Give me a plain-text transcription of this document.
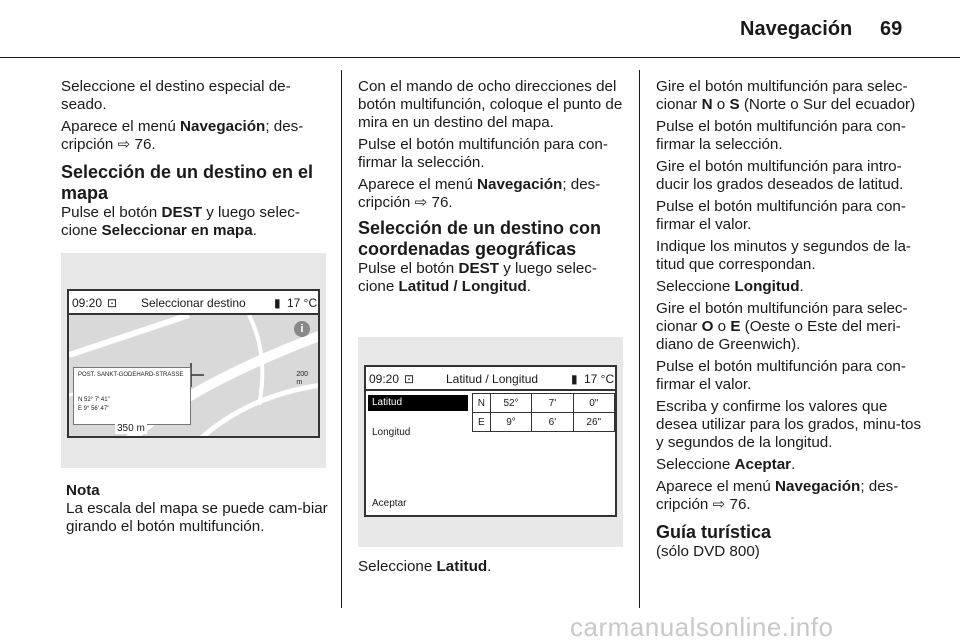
Navegación 69

Seleccione el destino especial de-seado.

Aparece el menú Navegación; des-cripción ⇨ 76.

Selección de un destino en el mapa

Pulse el botón DEST y luego selec-cione Seleccionar en mapa.

09:20 ⊡ Seleccionar destino ▮ 17 °C
i
POST. SANKT-GODEHARD-STRASSE
N 52° 7' 41"
E 9° 56' 47"
200
m
350 m
Nota

La escala del mapa se puede cam-biar girando el botón multifunción.

Con el mando de ocho direcciones del botón multifunción, coloque el punto de mira en un destino del mapa.

Pulse el botón multifunción para con-firmar la selección.

Aparece el menú Navegación; des-cripción ⇨ 76.

Selección de un destino con coordenadas geográficas

Pulse el botón DEST y luego selec-cione Latitud / Longitud.

09:20 ⊡	Latitud / Longitud	▮ 17 °C
Latitud
Longitud
N	52°	7'	0"
E	9°	6'	26"
Aceptar

Seleccione Latitud.

Gire el botón multifunción para selec-cionar N o S (Norte o Sur del ecuador)

Pulse el botón multifunción para con-firmar la selección.

Gire el botón multifunción para intro-ducir los grados deseados de latitud.

Pulse el botón multifunción para con-firmar el valor.

Indique los minutos y segundos de la-titud que correspondan.

Seleccione Longitud.

Gire el botón multifunción para selec-cionar O o E (Oeste o Este del meri-diano de Greenwich).

Pulse el botón multifunción para con-firmar el valor.

Escriba y confirme los valores que desea utilizar para los grados, minu-tos y segundos de la longitud.

Seleccione Aceptar.

Aparece el menú Navegación; des-cripción ⇨ 76.

Guía turística
(sólo DVD 800)
carmanualsonline.info
